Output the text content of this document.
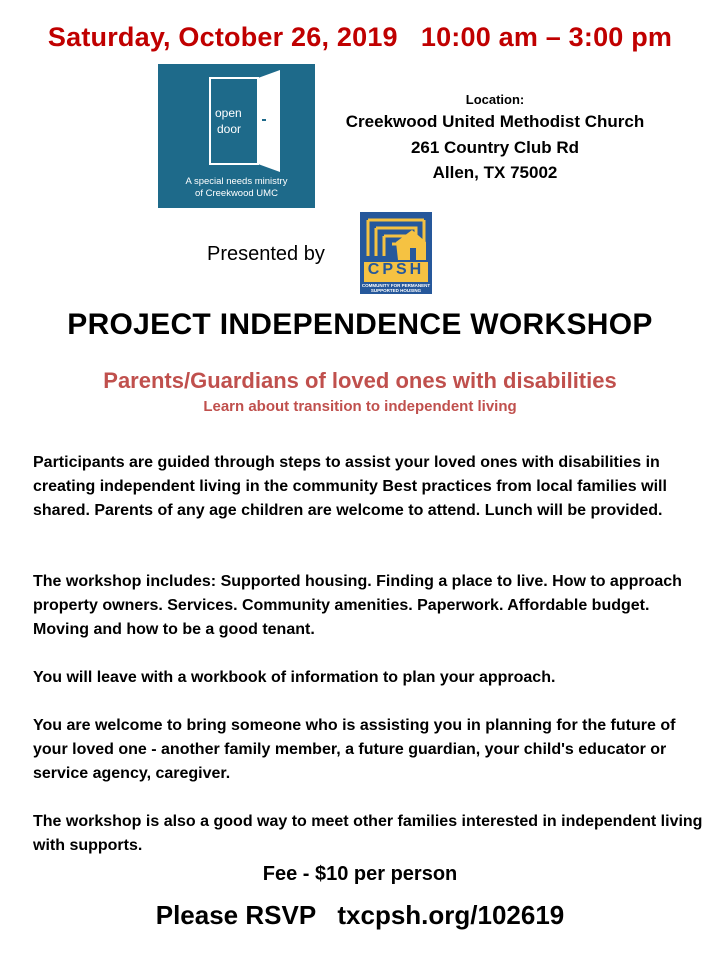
Saturday, October 26, 2019 10:00 am – 3:00 pm
open
door
A special needs ministry
of Creekwood UMC
Location:
Creekwood United Methodist Church
261 Country Club Rd
Allen, TX 75002
Presented by
CPSH
COMMUNITY FOR PERMANENT
SUPPORTED HOUSING
PROJECT INDEPENDENCE WORKSHOP
Parents/Guardians of loved ones with disabilities
Learn about transition to independent living
Participants are guided through steps to assist your loved ones with disabilities in creating independent living in the community Best practices from local families will shared. Parents of any age children are welcome to attend. Lunch will be provided.
The workshop includes: Supported housing. Finding a place to live. How to approach property owners. Services. Community amenities. Paperwork. Affordable budget. Moving and how to be a good tenant.
You will leave with a workbook of information to plan your approach.
You are welcome to bring someone who is assisting you in planning for the future of your loved one - another family member, a future guardian, your child's educator or service agency, caregiver.
The workshop is also a good way to meet other families interested in independent living with supports.
Fee - $10 per person
Please RSVP txcpsh.org/102619
